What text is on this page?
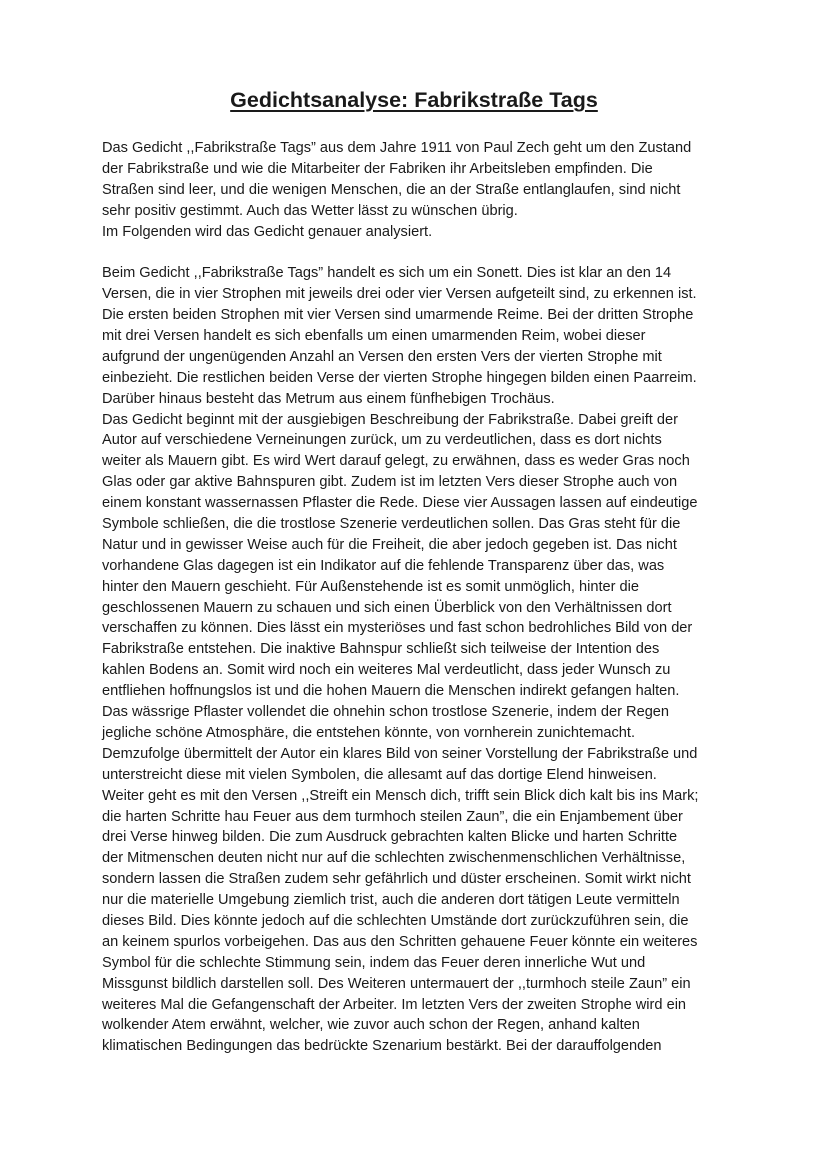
Gedichtsanalyse: Fabrikstraße Tags
Das Gedicht ,,Fabrikstraße Tags” aus dem Jahre 1911 von Paul Zech geht um den Zustand
der Fabrikstraße und wie die Mitarbeiter der Fabriken ihr Arbeitsleben empfinden. Die
Straßen sind leer, und die wenigen Menschen, die an der Straße entlanglaufen, sind nicht
sehr positiv gestimmt. Auch das Wetter lässt zu wünschen übrig.
Im Folgenden wird das Gedicht genauer analysiert.
Beim Gedicht ,,Fabrikstraße Tags” handelt es sich um ein Sonett. Dies ist klar an den 14
Versen, die in vier Strophen mit jeweils drei oder vier Versen aufgeteilt sind, zu erkennen ist.
Die ersten beiden Strophen mit vier Versen sind umarmende Reime. Bei der dritten Strophe
mit drei Versen handelt es sich ebenfalls um einen umarmenden Reim, wobei dieser
aufgrund der ungenügenden Anzahl an Versen den ersten Vers der vierten Strophe mit
einbezieht. Die restlichen beiden Verse der vierten Strophe hingegen bilden einen Paarreim.
Darüber hinaus besteht das Metrum aus einem fünfhebigen Trochäus.
Das Gedicht beginnt mit der ausgiebigen Beschreibung der Fabrikstraße. Dabei greift der
Autor auf verschiedene Verneinungen zurück, um zu verdeutlichen, dass es dort nichts
weiter als Mauern gibt. Es wird Wert darauf gelegt, zu erwähnen, dass es weder Gras noch
Glas oder gar aktive Bahnspuren gibt. Zudem ist im letzten Vers dieser Strophe auch von
einem konstant wassernassen Pflaster die Rede. Diese vier Aussagen lassen auf eindeutige
Symbole schließen, die die trostlose Szenerie verdeutlichen sollen. Das Gras steht für die
Natur und in gewisser Weise auch für die Freiheit, die aber jedoch gegeben ist. Das nicht
vorhandene Glas dagegen ist ein Indikator auf die fehlende Transparenz über das, was
hinter den Mauern geschieht. Für Außenstehende ist es somit unmöglich, hinter die
geschlossenen Mauern zu schauen und sich einen Überblick von den Verhältnissen dort
verschaffen zu können. Dies lässt ein mysteriöses und fast schon bedrohliches Bild von der
Fabrikstraße entstehen. Die inaktive Bahnspur schließt sich teilweise der Intention des
kahlen Bodens an. Somit wird noch ein weiteres Mal verdeutlicht, dass jeder Wunsch zu
entfliehen hoffnungslos ist und die hohen Mauern die Menschen indirekt gefangen halten.
Das wässrige Pflaster vollendet die ohnehin schon trostlose Szenerie, indem der Regen
jegliche schöne Atmosphäre, die entstehen könnte, von vornherein zunichtemacht.
Demzufolge übermittelt der Autor ein klares Bild von seiner Vorstellung der Fabrikstraße und
unterstreicht diese mit vielen Symbolen, die allesamt auf das dortige Elend hinweisen.
Weiter geht es mit den Versen ,,Streift ein Mensch dich, trifft sein Blick dich kalt bis ins Mark;
die harten Schritte hau Feuer aus dem turmhoch steilen Zaun”, die ein Enjambement über
drei Verse hinweg bilden. Die zum Ausdruck gebrachten kalten Blicke und harten Schritte
der Mitmenschen deuten nicht nur auf die schlechten zwischenmenschlichen Verhältnisse,
sondern lassen die Straßen zudem sehr gefährlich und düster erscheinen. Somit wirkt nicht
nur die materielle Umgebung ziemlich trist, auch die anderen dort tätigen Leute vermitteln
dieses Bild. Dies könnte jedoch auf die schlechten Umstände dort zurückzuführen sein, die
an keinem spurlos vorbeigehen. Das aus den Schritten gehauene Feuer könnte ein weiteres
Symbol für die schlechte Stimmung sein, indem das Feuer deren innerliche Wut und
Missgunst bildlich darstellen soll. Des Weiteren untermauert der ,,turmhoch steile Zaun” ein
weiteres Mal die Gefangenschaft der Arbeiter. Im letzten Vers der zweiten Strophe wird ein
wolkender Atem erwähnt, welcher, wie zuvor auch schon der Regen, anhand kalten
klimatischen Bedingungen das bedrückte Szenarium bestärkt. Bei der darauffolgenden
